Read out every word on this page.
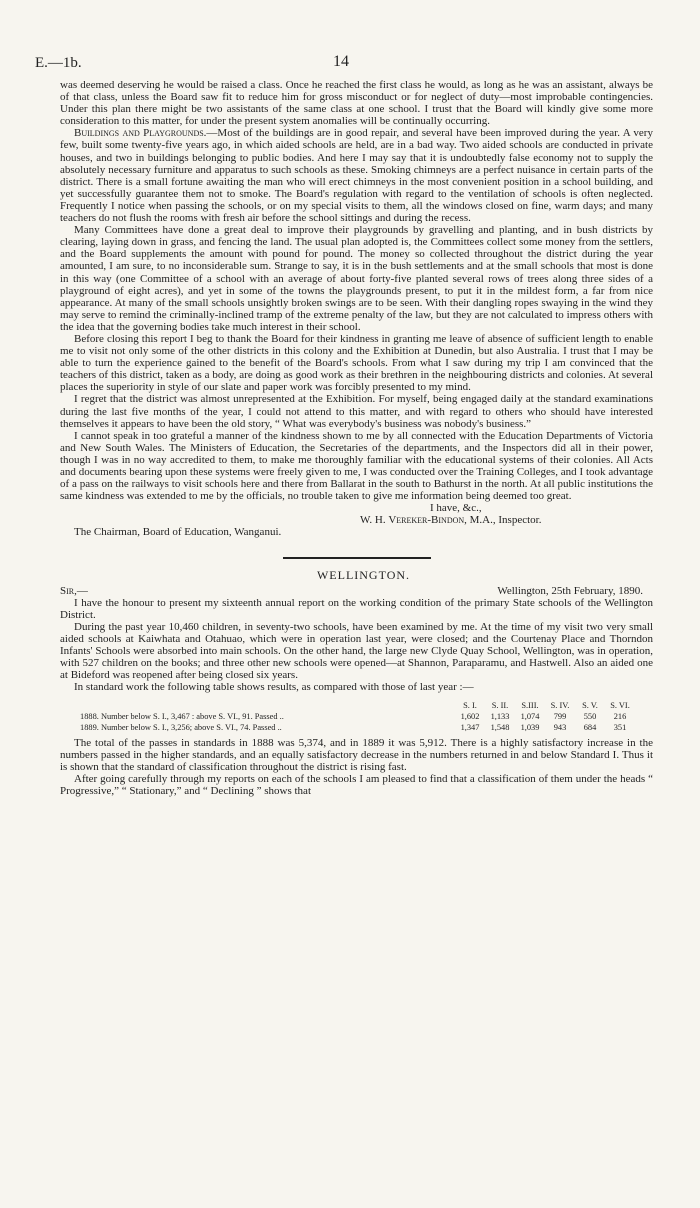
E.—1b.	14

was deemed deserving he would be raised a class. Once he reached the first class he would, as long as he was an assistant, always be of that class, unless the Board saw fit to reduce him for gross misconduct or for neglect of duty—most improbable contingencies. Under this plan there might be two assistants of the same class at one school. I trust that the Board will kindly give some more consideration to this matter, for under the present system anomalies will be continually occurring.

Buildings and Playgrounds.—Most of the buildings are in good repair, and several have been improved during the year. A very few, built some twenty-five years ago, in which aided schools are held, are in a bad way. Two aided schools are conducted in private houses, and two in buildings belonging to public bodies. And here I may say that it is undoubtedly false economy not to supply the absolutely necessary furniture and apparatus to such schools as these. Smoking chimneys are a perfect nuisance in certain parts of the district. There is a small fortune awaiting the man who will erect chimneys in the most convenient position in a school building, and yet successfully guarantee them not to smoke. The Board's regulation with regard to the ventilation of schools is often neglected. Frequently I notice when passing the schools, or on my special visits to them, all the windows closed on fine, warm days; and many teachers do not flush the rooms with fresh air before the school sittings and during the recess.

Many Committees have done a great deal to improve their playgrounds by gravelling and planting, and in bush districts by clearing, laying down in grass, and fencing the land. The usual plan adopted is, the Committees collect some money from the settlers, and the Board supplements the amount with pound for pound. The money so collected throughout the district during the year amounted, I am sure, to no inconsiderable sum. Strange to say, it is in the bush settlements and at the small schools that most is done in this way (one Committee of a school with an average of about forty-five planted several rows of trees along three sides of a playground of eight acres), and yet in some of the towns the playgrounds present, to put it in the mildest form, a far from nice appearance. At many of the small schools unsightly broken swings are to be seen. With their dangling ropes swaying in the wind they may serve to remind the criminally-inclined tramp of the extreme penalty of the law, but they are not calculated to impress others with the idea that the governing bodies take much interest in their school.

Before closing this report I beg to thank the Board for their kindness in granting me leave of absence of sufficient length to enable me to visit not only some of the other districts in this colony and the Exhibition at Dunedin, but also Australia. I trust that I may be able to turn the experience gained to the benefit of the Board's schools. From what I saw during my trip I am convinced that the teachers of this district, taken as a body, are doing as good work as their brethren in the neighbouring districts and colonies. At several places the superiority in style of our slate and paper work was forcibly presented to my mind.

I regret that the district was almost unrepresented at the Exhibition. For myself, being engaged daily at the standard examinations during the last five months of the year, I could not attend to this matter, and with regard to others who should have interested themselves it appears to have been the old story, “ What was everybody's business was nobody's business.”

I cannot speak in too grateful a manner of the kindness shown to me by all connected with the Education Departments of Victoria and New South Wales. The Ministers of Education, the Secretaries of the departments, and the Inspectors did all in their power, though I was in no way accredited to them, to make me thoroughly familiar with the educational systems of their colonies. All Acts and documents bearing upon these systems were freely given to me, I was conducted over the Training Colleges, and I took advantage of a pass on the railways to visit schools here and there from Ballarat in the south to Bathurst in the north. At all public institutions the same kindness was extended to me by the officials, no trouble taken to give me information being deemed too great.

I have, &c.,
W. H. Vereker-Bindon, M.A., Inspector.

The Chairman, Board of Education, Wanganui.

WELLINGTON.

Sir,—	Wellington, 25th February, 1890.

I have the honour to present my sixteenth annual report on the working condition of the primary State schools of the Wellington District.

During the past year 10,460 children, in seventy-two schools, have been examined by me. At the time of my visit two very small aided schools at Kaiwhata and Otahuao, which were in operation last year, were closed; and the Courtenay Place and Thorndon Infants' Schools were absorbed into main schools. On the other hand, the large new Clyde Quay School, Wellington, was in operation, with 527 children on the books; and three other new schools were opened—at Shannon, Paraparamu, and Hastwell. Also an aided one at Bideford was reopened after being closed six years.

In standard work the following table shows results, as compared with those of last year :—

S. I.	S. II.	S.III.	S. IV.	S. V.	S. VI.
1888. Number below S. I., 3,467 : above S. VI., 91. Passed ..	1,602	1,133	1,074	799	550	216
1889. Number below S. I., 3,256; above S. VI., 74. Passed ..	1,347	1,548	1,039	943	684	351

The total of the passes in standards in 1888 was 5,374, and in 1889 it was 5,912. There is a highly satisfactory increase in the numbers passed in the higher standards, and an equally satisfactory decrease in the numbers returned in and below Standard I. Thus it is shown that the standard of classification throughout the district is rising fast.

After going carefully through my reports on each of the schools I am pleased to find that a classification of them under the heads “ Progressive,” “ Stationary,” and “ Declining ” shows that
